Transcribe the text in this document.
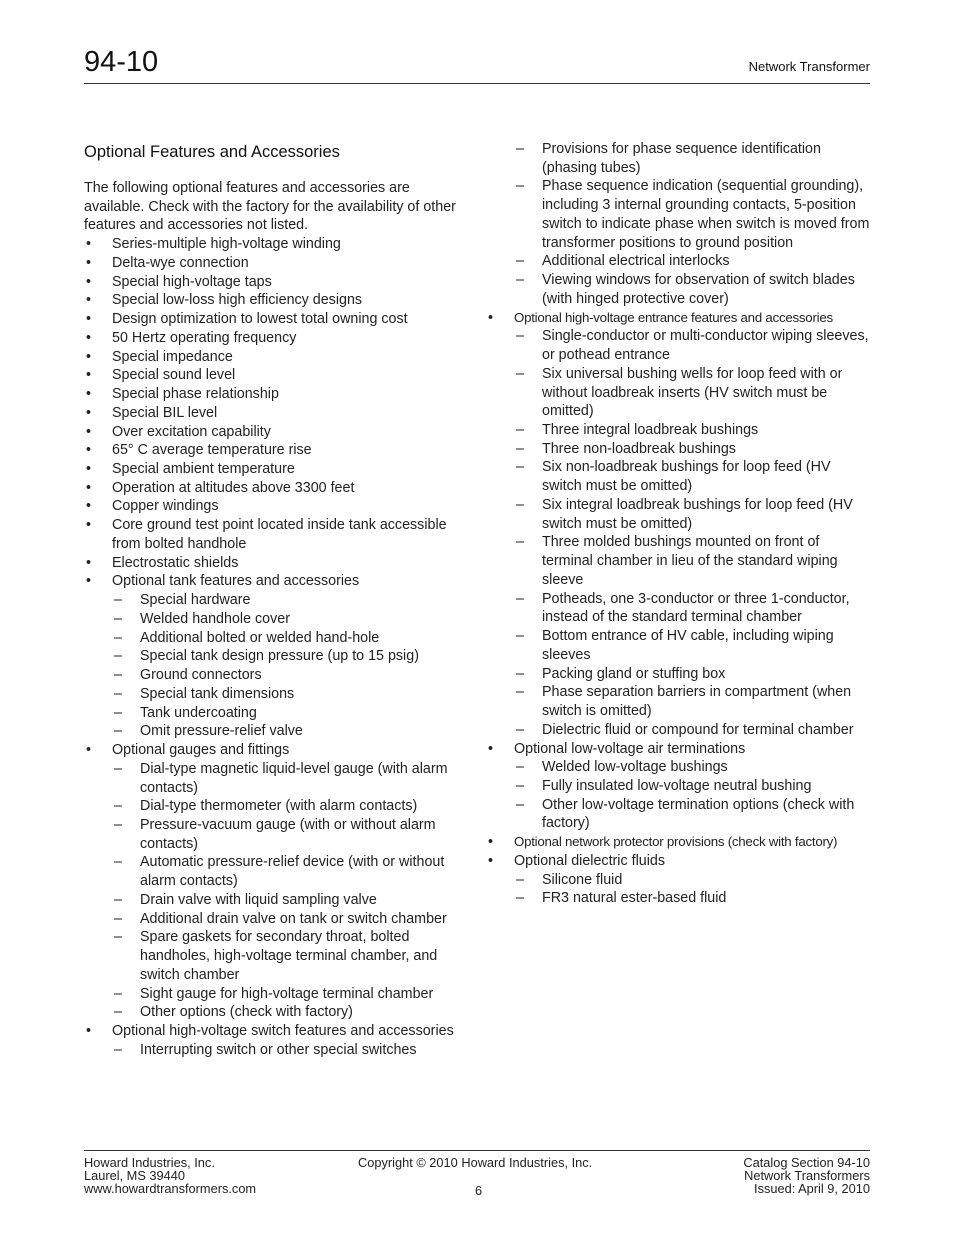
94-10	Network Transformer
Optional Features and Accessories

The following optional features and accessories are available. Check with the factory for the availability of other features and accessories not listed.

• Series-multiple high-voltage winding
• Delta-wye connection
• Special high-voltage taps
• Special low-loss high efficiency designs
• Design optimization to lowest total owning cost
• 50 Hertz operating frequency
• Special impedance
• Special sound level
• Special phase relationship
• Special BIL level
• Over excitation capability
• 65° C average temperature rise
• Special ambient temperature
• Operation at altitudes above 3300 feet
• Copper windings
• Core ground test point located inside tank accessible from bolted handhole
• Electrostatic shields
• Optional tank features and accessories
– Special hardware
– Welded handhole cover
– Additional bolted or welded hand-hole
– Special tank design pressure (up to 15 psig)
– Ground connectors
– Special tank dimensions
– Tank undercoating
– Omit pressure-relief valve
• Optional gauges and fittings
– Dial-type magnetic liquid-level gauge (with alarm contacts)
– Dial-type thermometer (with alarm contacts)
– Pressure-vacuum gauge (with or without alarm contacts)
– Automatic pressure-relief device (with or without alarm contacts)
– Drain valve with liquid sampling valve
– Additional drain valve on tank or switch chamber
– Spare gaskets for secondary throat, bolted handholes, high-voltage terminal chamber, and switch chamber
– Sight gauge for high-voltage terminal chamber
– Other options (check with factory)
• Optional high-voltage switch features and accessories
– Interrupting switch or other special switches
– Provisions for phase sequence identification (phasing tubes)
– Phase sequence indication (sequential grounding), including 3 internal grounding contacts, 5-position switch to indicate phase when switch is moved from transformer positions to ground position
– Additional electrical interlocks
– Viewing windows for observation of switch blades (with hinged protective cover)
• Optional high-voltage entrance features and accessories
– Single-conductor or multi-conductor wiping sleeves, or pothead entrance
– Six universal bushing wells for loop feed with or without loadbreak inserts (HV switch must be omitted)
– Three integral loadbreak bushings
– Three non-loadbreak bushings
– Six non-loadbreak bushings for loop feed (HV switch must be omitted)
– Six integral loadbreak bushings for loop feed (HV switch must be omitted)
– Three molded bushings mounted on front of terminal chamber in lieu of the standard wiping sleeve
– Potheads, one 3-conductor or three 1-conductor, instead of the standard terminal chamber
– Bottom entrance of HV cable, including wiping sleeves
– Packing gland or stuffing box
– Phase separation barriers in compartment (when switch is omitted)
– Dielectric fluid or compound for terminal chamber
• Optional low-voltage air terminations
– Welded low-voltage bushings
– Fully insulated low-voltage neutral bushing
– Other low-voltage termination options (check with factory)
• Optional network protector provisions (check with factory)
• Optional dielectric fluids
– Silicone fluid
– FR3 natural ester-based fluid
Howard Industries, Inc.
Laurel, MS 39440
www.howardtransformers.com
Copyright © 2010 Howard Industries, Inc.
6
Catalog Section 94-10
Network Transformers
Issued: April 9, 2010
